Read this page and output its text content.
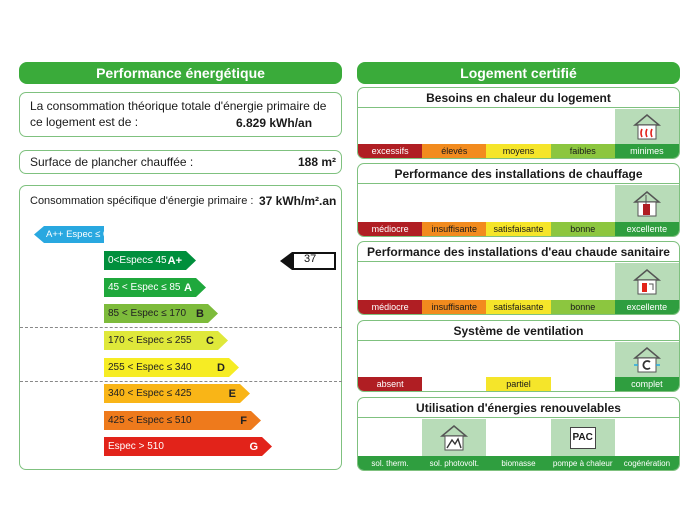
Performance énergétique
La consommation théorique totale d'énergie primaire de
ce logement est de :	6.829 kWh/an
Surface de plancher chauffée :	188 m²
Consommation spécifique d'énergie primaire : 37 kWh/m².an
A++ Espec ≤ 0
0<Espec≤ 45 A+
45 < Espec ≤ 85 A
85 < Espec ≤ 170 B
170 < Espec ≤ 255	C
255 < Espec ≤ 340	D
340 < Espec ≤ 425	E
425 < Espec ≤ 510	F
Espec > 510	G
37
Logement certifié
Besoins en chaleur du logement
excessifs	élevés	moyens	faibles	minimes
Performance des installations de chauffage
médiocre	insuffisante	satisfaisante	bonne	excellente
Performance des installations d'eau chaude sanitaire
médiocre	insuffisante	satisfaisante	bonne	excellente
Système de ventilation
absent	partiel	complet
Utilisation d'énergies renouvelables
sol. therm.	sol. photovolt.	biomasse	pompe à chaleur	cogénération
PAC
